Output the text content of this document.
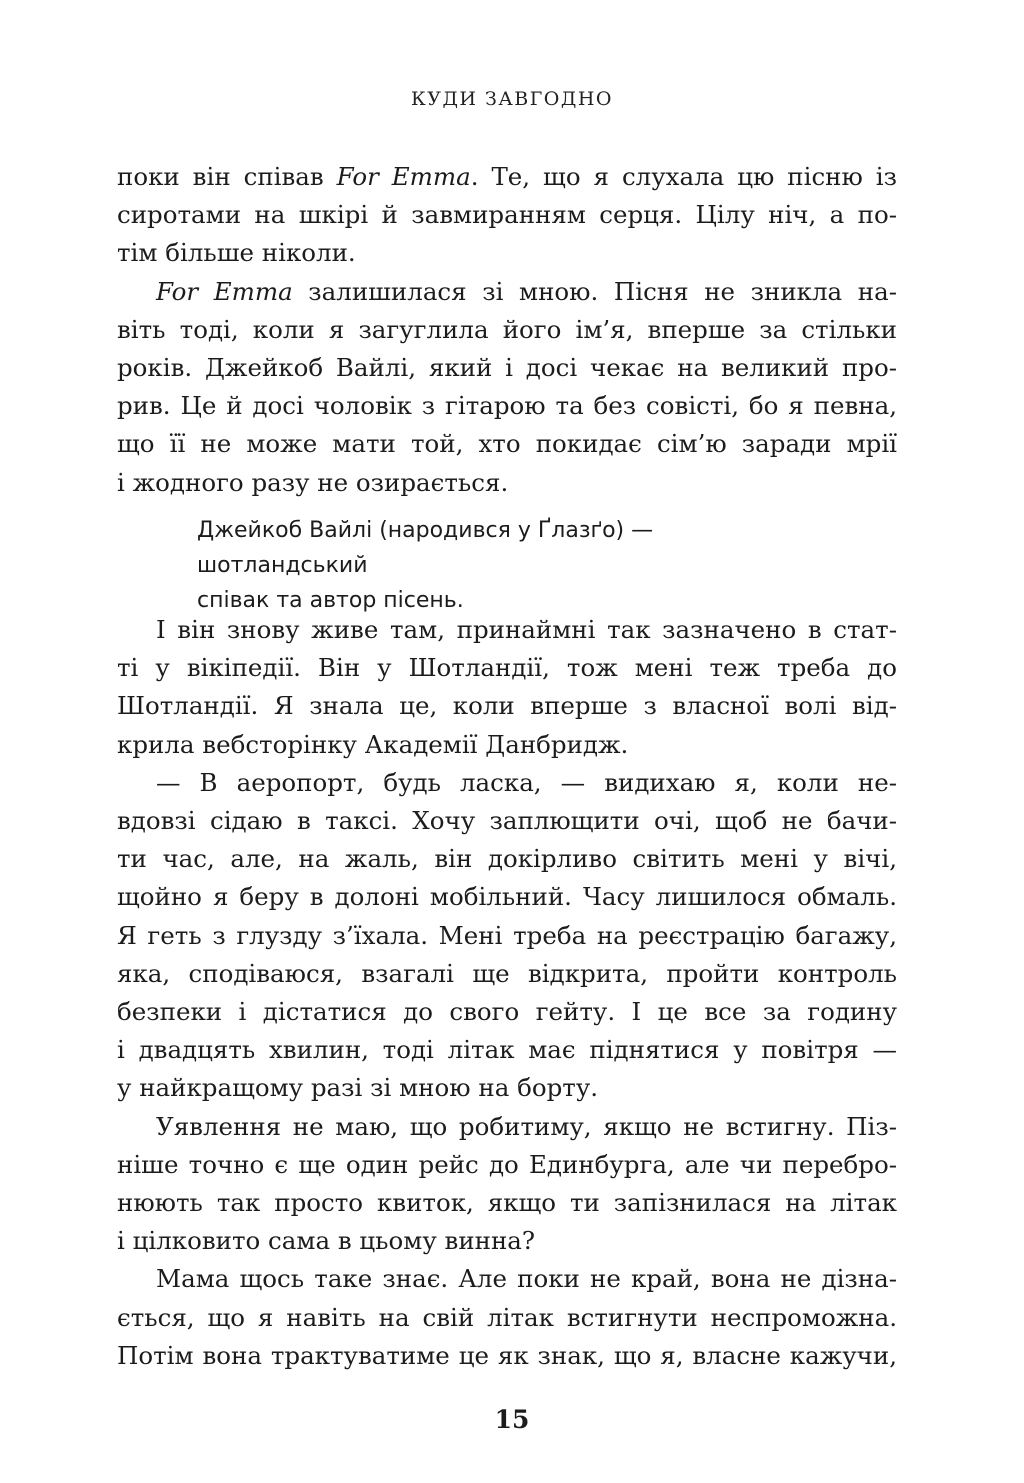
КУДИ ЗАВГОДНО
поки він співав For Emma. Те, що я слухала цю пісню із
сиротами на шкірі й завмиранням серця. Цілу ніч, а по-
тім більше ніколи.
For Emma залишилася зі мною. Пісня не зникла на-
віть тоді, коли я загуглила його ім’я, вперше за стільки
років. Джейкоб Вайлі, який і досі чекає на великий про-
рив. Це й досі чоловік з гітарою та без совісті, бо я певна,
що її не може мати той, хто покидає сім’ю заради мрії
і жодного разу не озирається.
Джейкоб Вайлі (народився у Ґлазґо) — шотландський
співак та автор пісень.
І він знову живе там, принаймні так зазначено в стат-
ті у вікіпедії. Він у Шотландії, тож мені теж треба до
Шотландії. Я знала це, коли вперше з власної волі від-
крила вебсторінку Академії Данбридж.
— В аеропорт, будь ласка, — видихаю я, коли не-
вдовзі сідаю в таксі. Хочу заплющити очі, щоб не бачи-
ти час, але, на жаль, він докірливо світить мені у вічі,
щойно я беру в долоні мобільний. Часу лишилося обмаль.
Я геть з глузду з’їхала. Мені треба на реєстрацію багажу,
яка, сподіваюся, взагалі ще відкрита, пройти контроль
безпеки і дістатися до свого гейту. І це все за годину
і двадцять хвилин, тоді літак має піднятися у повітря —
у найкращому разі зі мною на борту.
Уявлення не маю, що робитиму, якщо не встигну. Піз-
ніше точно є ще один рейс до Единбурга, але чи перебро-
нюють так просто квиток, якщо ти запізнилася на літак
і цілковито сама в цьому винна?
Мама щось таке знає. Але поки не край, вона не дізна-
ється, що я навіть на свій літак встигнути неспроможна.
Потім вона трактуватиме це як знак, що я, власне кажучи,
15
